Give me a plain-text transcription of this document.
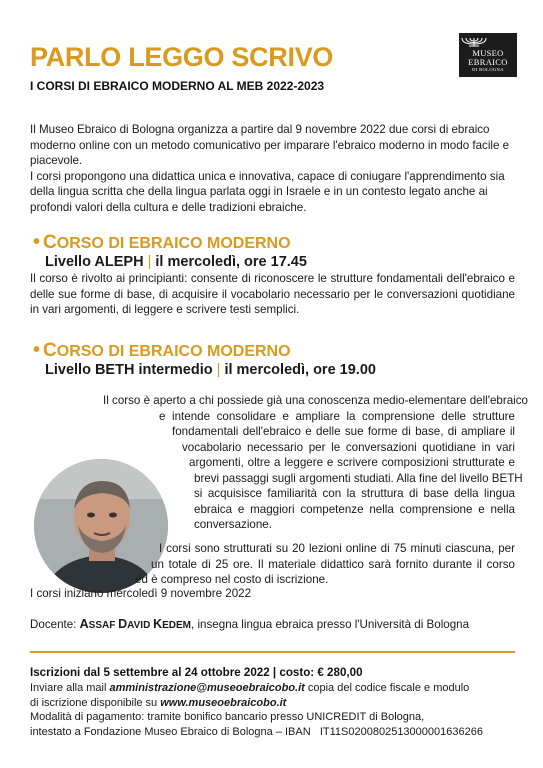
PARLO LEGGO SCRIVO
I CORSI DI EBRAICO MODERNO AL MEB 2022-2023
MUSEO
EBRAICO
DI BOLOGNA

Il Museo Ebraico di Bologna organizza a partire dal 9 novembre 2022 due corsi di ebraico moderno online con un metodo comunicativo per imparare l'ebraico moderno in modo facile e piacevole.

I corsi propongono una didattica unica e innovativa, capace di coniugare l'apprendimento sia della lingua scritta che della lingua parlata oggi in Israele e in un contesto legato anche ai profondi valori della cultura e delle tradizioni ebraiche.

• CORSO DI EBRAICO MODERNO
Livello ALEPH | il mercoledì, ore 17.45
Il corso è rivolto ai principianti: consente di riconoscere le strutture fondamentali dell'ebraico e delle sue forme di base, di acquisire il vocabolario necessario per le conversazioni quotidiane in vari argomenti, di leggere e scrivere testi semplici.
• CORSO DI EBRAICO MODERNO
Livello BETH intermedio | il mercoledì, ore 19.00
Il corso è aperto a chi possiede già una conoscenza medio-elementare dell'ebraico
e intende consolidare e ampliare la comprensione delle strutture
fondamentali dell'ebraico e delle sue forme di base, di ampliare il
vocabolario necessario per le conversazioni quotidiane in vari
argomenti, oltre a leggere e scrivere composizioni strutturate e
brevi passaggi sugli argomenti studiati. Alla fine del livello BETH
si acquisisce familiarità con la struttura di base della lingua
ebraica e maggiori competenze nella comprensione e nella
conversazione.
I corsi sono strutturati su 20 lezioni online di 75 minuti ciascuna, per
un totale di 25 ore. Il materiale didattico sarà fornito durante il corso
ed è compreso nel costo di iscrizione.
I corsi iniziano mercoledì 9 novembre 2022
Docente: ASSAF DAVID KEDEM, insegna lingua ebraica presso l'Università di Bologna
Iscrizioni dal 5 settembre al 24 ottobre 2022 | costo: € 280,00
Inviare alla mail amministrazione@museoebraicobo.it copia del codice fiscale e modulo
di iscrizione disponibile su www.museoebraicobo.it
Modalità di pagamento: tramite bonifico bancario presso UNICREDIT di Bologna,
intestato a Fondazione Museo Ebraico di Bologna – IBAN   IT11S0200802513000001636266
